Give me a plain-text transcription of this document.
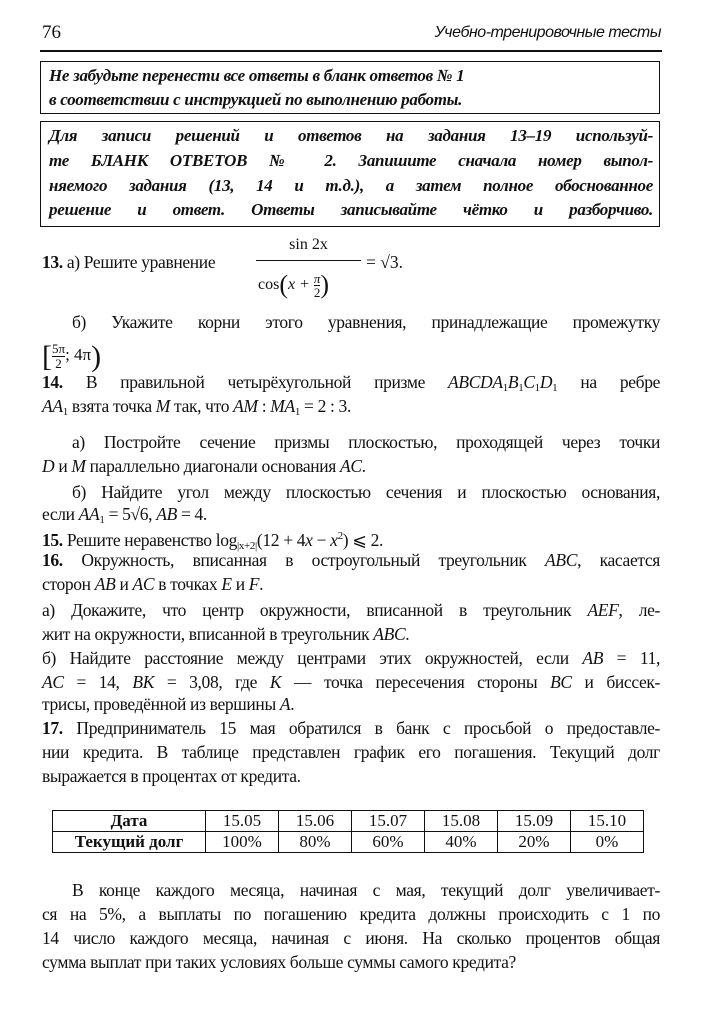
76	Учебно-тренировочные тесты
Не забудьте перенести все ответы в бланк ответов № 1
в соответствии с инструкцией по выполнению работы.
Для записи решений и ответов на задания 13–19 используй-
те БЛАНК ОТВЕТОВ № 2. Запишите сначала номер выпол-
няемого задания (13, 14 и т.д.), а затем полное обоснованное
решение и ответ. Ответы записывайте чётко и разборчиво.
13. а) Решите уравнение
sin 2x
$\cos(x + \frac{\pi}{2}$ )
= √3.
б) Укажите корни этого уравнения, принадлежащие промежутку
[ $\frac{5\pi}{2}$ ; 4π)
14. В правильной четырёхугольной призме $ABCDA_1B_1C_1D_1$ на ребре
$AA_1$ взята точка M так, что AM : $MA_1 = 2$ : 3.
а) Постройте сечение призмы плоскостью, проходящей через точки
D и M параллельно диагонали основания AC.
б) Найдите угол между плоскостью сечения и плоскостью основания,
если $AA_1 = 5√6$, AB = 4.
15. Решите неравенство $\log_{|x+2|}(12 + 4x - x^2)$ ⩽ 2.
16. Окружность, вписанная в остроугольный треугольник ABC, касается
сторон AB и AC в точках E и F.
а) Докажите, что центр окружности, вписанной в треугольник AEF, ле-
жит на окружности, вписанной в треугольник ABC.
б) Найдите расстояние между центрами этих окружностей, если AB = 11,
AC = 14, BK = 3,08, где K — точка пересечения стороны BC и биссек-
трисы, проведённой из вершины A.
17. Предприниматель 15 мая обратился в банк с просьбой о предоставле-
нии кредита. В таблице представлен график его погашения. Текущий долг
выражается в процентах от кредита.
Дата	15.05	15.06	15.07	15.08	15.09	15.10
Текущий долг	100%	80%	60%	40%	20%	0%
В конце каждого месяца, начиная с мая, текущий долг увеличивает-
ся на 5%, а выплаты по погашению кредита должны происходить с 1 по
14 число каждого месяца, начиная с июня. На сколько процентов общая
сумма выплат при таких условиях больше суммы самого кредита?
